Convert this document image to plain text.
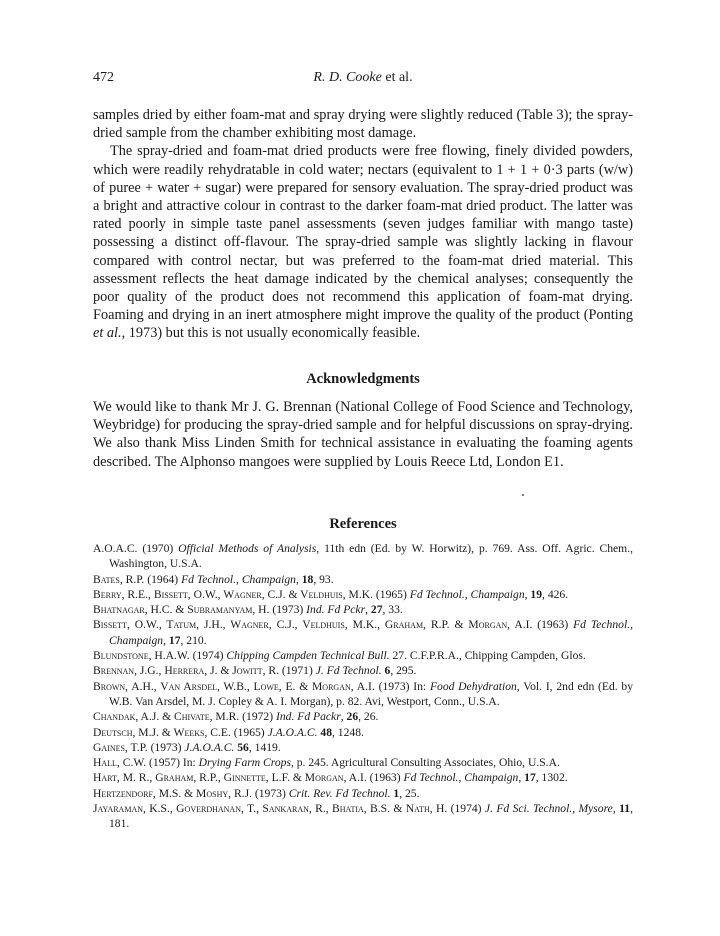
472	R. D. Cooke et al.

samples dried by either foam-mat and spray drying were slightly reduced (Table 3); the spray-dried sample from the chamber exhibiting most damage.

The spray-dried and foam-mat dried products were free flowing, finely divided powders, which were readily rehydratable in cold water; nectars (equivalent to 1 + 1 + 0·3 parts (w/w) of puree + water + sugar) were prepared for sensory evaluation. The spray-dried product was a bright and attractive colour in contrast to the darker foam-mat dried product. The latter was rated poorly in simple taste panel assessments (seven judges familiar with mango taste) possessing a distinct off-flavour. The spray-dried sample was slightly lacking in flavour compared with control nectar, but was preferred to the foam-mat dried material. This assessment reflects the heat damage indicated by the chemical analyses; consequently the poor quality of the product does not recommend this application of foam-mat drying. Foaming and drying in an inert atmosphere might improve the quality of the product (Ponting et al., 1973) but this is not usually economically feasible.

Acknowledgments

We would like to thank Mr J. G. Brennan (National College of Food Science and Technology, Weybridge) for producing the spray-dried sample and for helpful discussions on spray-drying. We also thank Miss Linden Smith for technical assistance in evaluating the foaming agents described. The Alphonso mangoes were supplied by Louis Reece Ltd, London E1.

References
A.O.A.C. (1970) Official Methods of Analysis, 11th edn (Ed. by W. Horwitz), p. 769. Ass. Off. Agric. Chem., Washington, U.S.A.
Bates, R.P. (1964) Fd Technol., Champaign, 18, 93.
Berry, R.E., Bissett, O.W., Wagner, C.J. & Veldhuis, M.K. (1965) Fd Technol., Champaign, 19, 426.
Bhatnagar, H.C. & Subramanyam, H. (1973) Ind. Fd Pckr, 27, 33.
Bissett, O.W., Tatum, J.H., Wagner, C.J., Veldhuis, M.K., Graham, R.P. & Morgan, A.I. (1963) Fd Technol., Champaign, 17, 210.
Blundstone, H.A.W. (1974) Chipping Campden Technical Bull. 27. C.F.P.R.A., Chipping Campden, Glos.
Brennan, J.G., Herrera, J. & Jowitt, R. (1971) J. Fd Technol. 6, 295.
Brown, A.H., Van Arsdel, W.B., Lowe, E. & Morgan, A.I. (1973) In: Food Dehydration, Vol. I, 2nd edn (Ed. by W.B. Van Arsdel, M. J. Copley & A. I. Morgan), p. 82. Avi, Westport, Conn., U.S.A.
Chandak, A.J. & Chivate, M.R. (1972) Ind. Fd Packr, 26, 26.
Deutsch, M.J. & Weeks, C.E. (1965) J.A.O.A.C. 48, 1248.
Gaines, T.P. (1973) J.A.O.A.C. 56, 1419.
Hall, C.W. (1957) In: Drying Farm Crops, p. 245. Agricultural Consulting Associates, Ohio, U.S.A.
Hart, M. R., Graham, R.P., Ginnette, L.F. & Morgan, A.I. (1963) Fd Technol., Champaign, 17, 1302.
Hertzendorf, M.S. & Moshy, R.J. (1973) Crit. Rev. Fd Technol. 1, 25.
Jayaraman, K.S., Goverdhanan, T., Sankaran, R., Bhatia, B.S. & Nath, H. (1974) J. Fd Sci. Technol., Mysore, 11, 181.
